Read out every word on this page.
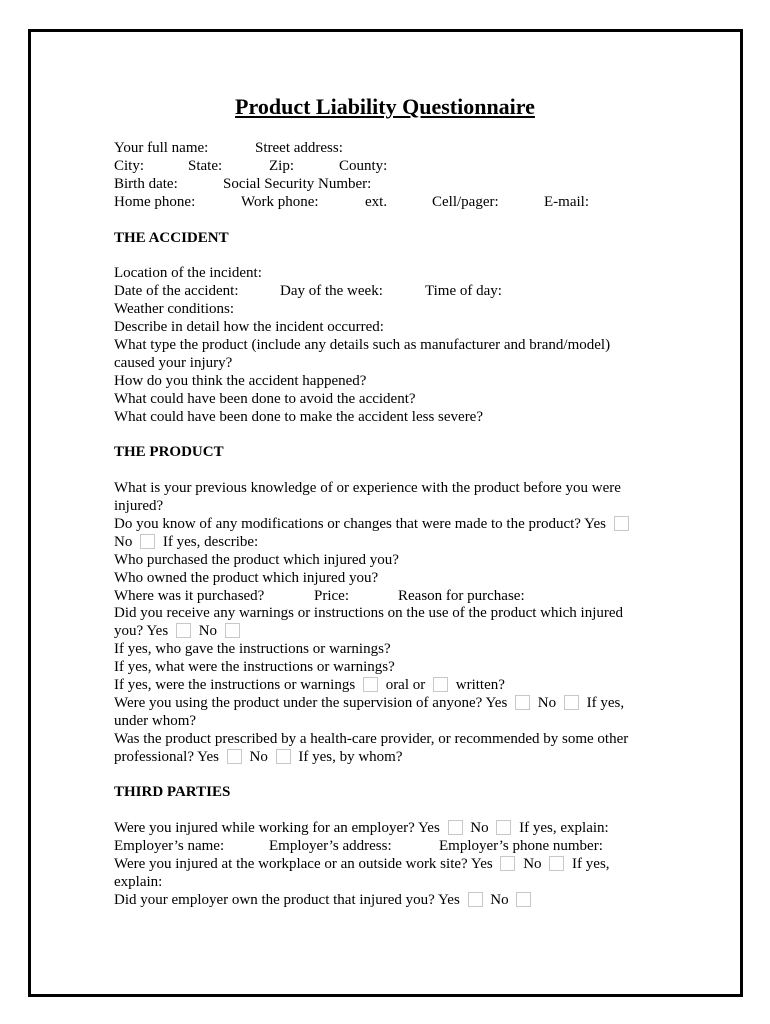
Product Liability Questionnaire
Your full name:	Street address:
City:	State:	Zip:	County:
Birth date:	Social Security Number:
Home phone:	Work phone:	ext.	Cell/pager:	E-mail:
THE ACCIDENT
Location of the incident:
Date of the accident:	Day of the week:	Time of day:
Weather conditions:
Describe in detail how the incident occurred:
What type the product (include any details such as manufacturer and brand/model)
caused your injury?
How do you think the accident happened?
What could have been done to avoid the accident?
What could have been done to make the accident less severe?
THE PRODUCT
What is your previous knowledge of or experience with the product before you were
injured?
Do you know of any modifications or changes that were made to the product? Yes
No If yes, describe:
Who purchased the product which injured you?
Who owned the product which injured you?
Where was it purchased?	Price:	Reason for purchase:
Did you receive any warnings or instructions on the use of the product which injured
you? Yes No
If yes, who gave the instructions or warnings?
If yes, what were the instructions or warnings?
If yes, were the instructions or warnings oral or written?
Were you using the product under the supervision of anyone? Yes No If yes,
under whom?
Was the product prescribed by a health-care provider, or recommended by some other
professional? Yes No If yes, by whom?
THIRD PARTIES
Were you injured while working for an employer? Yes No If yes, explain:
Employer’s name:	Employer’s address:	Employer’s phone number:
Were you injured at the workplace or an outside work site? Yes No If yes,
explain:
Did your employer own the product that injured you? Yes No
